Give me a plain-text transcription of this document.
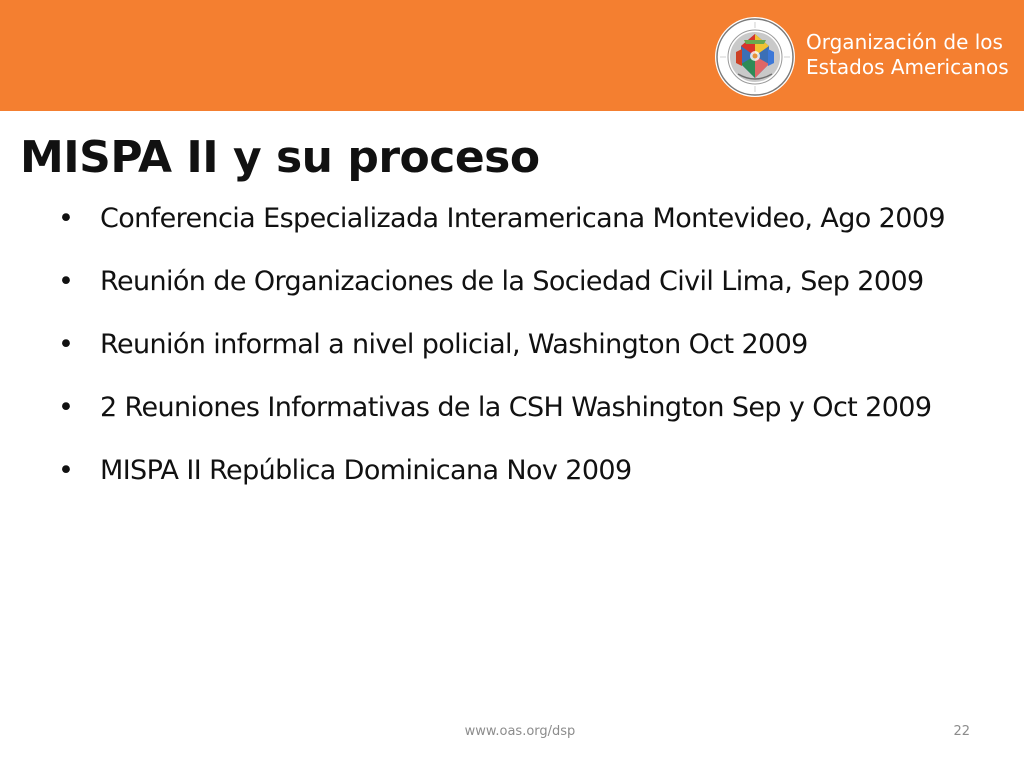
Organización de los
Estados Americanos
MISPA II y su proceso
• Conferencia Especializada Interamericana Montevideo, Ago 2009
• Reunión de Organizaciones de la Sociedad Civil Lima, Sep 2009
• Reunión informal a nivel policial, Washington Oct 2009
• 2 Reuniones Informativas de la CSH Washington Sep y Oct 2009
• MISPA II República Dominicana Nov 2009
www.oas.org/dsp	22
